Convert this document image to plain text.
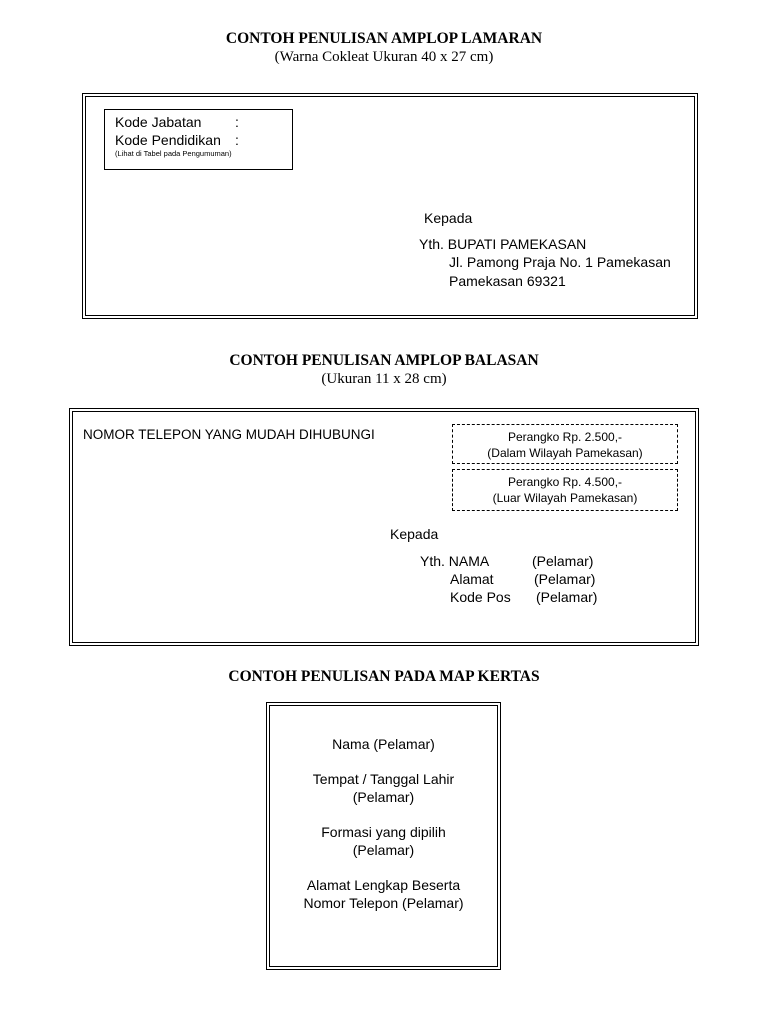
CONTOH PENULISAN AMPLOP LAMARAN
(Warna Cokleat Ukuran 40 x 27 cm)
Kode Jabatan :
Kode Pendidikan :
(Lihat di Tabel pada Pengumuman)
Kepada
Yth. BUPATI PAMEKASAN
Jl. Pamong Praja No. 1 Pamekasan
Pamekasan 69321
CONTOH PENULISAN AMPLOP BALASAN
(Ukuran 11 x 28 cm)
NOMOR TELEPON YANG MUDAH DIHUBUNGI	Perangko Rp. 2.500,-
(Dalam Wilayah Pamekasan)
Perangko Rp. 4.500,-
(Luar Wilayah Pamekasan)
Kepada
Yth. NAMA	(Pelamar)
Alamat	(Pelamar)
Kode Pos (Pelamar)
CONTOH PENULISAN PADA MAP KERTAS
Nama (Pelamar)
Tempat / Tanggal Lahir
(Pelamar)
Formasi yang dipilih
(Pelamar)
Alamat Lengkap Beserta
Nomor Telepon (Pelamar)
